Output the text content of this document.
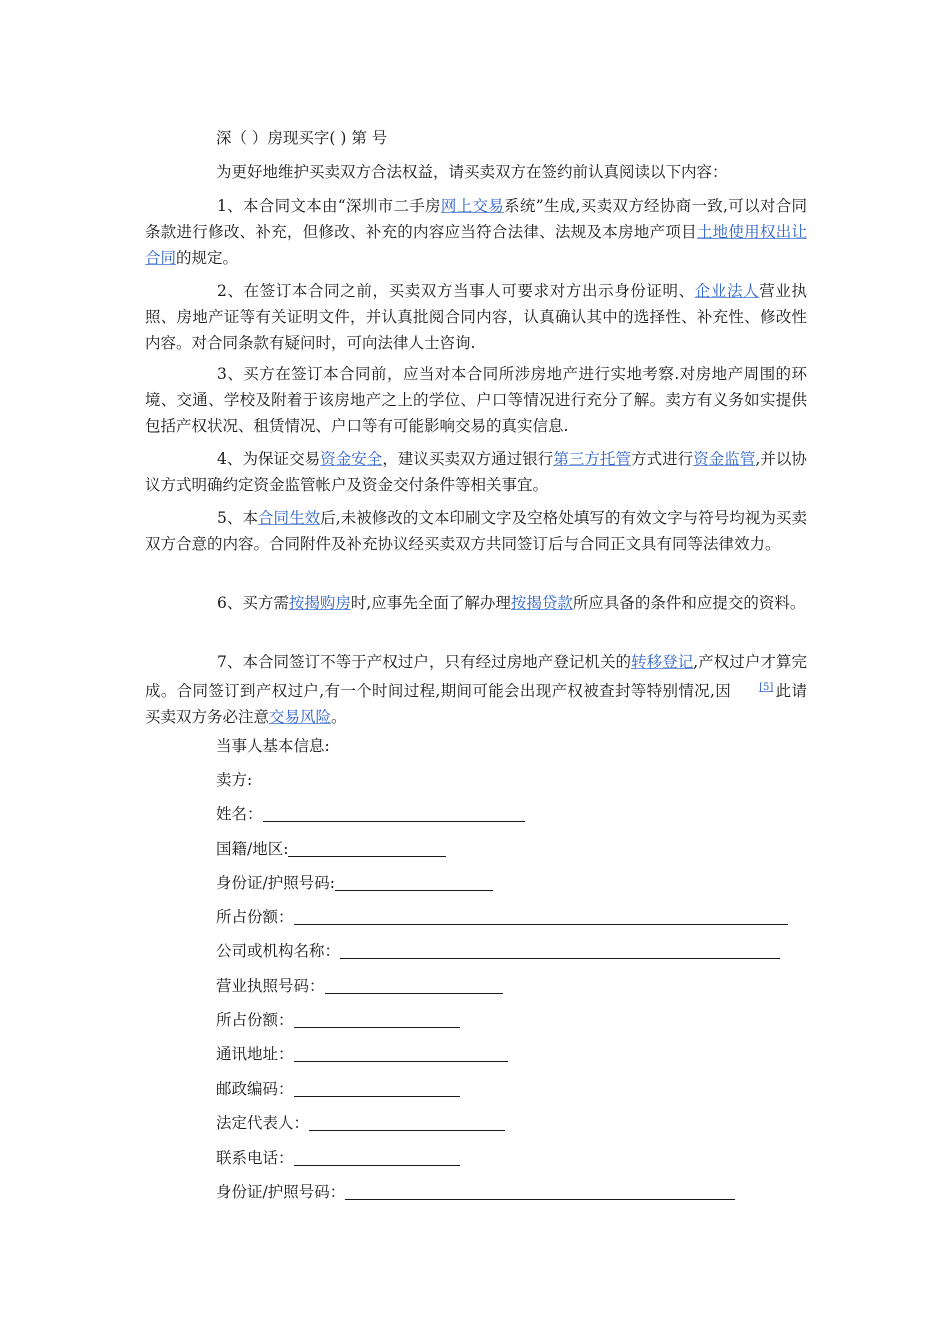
深（ ）房现买字( ) 第 号
为更好地维护买卖双方合法权益，请买卖双方在签约前认真阅读以下内容：
1、本合同文本由“深圳市二手房网上交易系统”生成,买卖双方经协商一致,可以对合同条款进行修改、补充，但修改、补充的内容应当符合法律、法规及本房地产项目土地使用权出让合同的规定。
2、在签订本合同之前，买卖双方当事人可要求对方出示身份证明、企业法人营业执照、房地产证等有关证明文件，并认真批阅合同内容，认真确认其中的选择性、补充性、修改性内容。对合同条款有疑问时，可向法律人士咨询.
3、买方在签订本合同前，应当对本合同所涉房地产进行实地考察.对房地产周围的环境、交通、学校及附着于该房地产之上的学位、户口等情况进行充分了解。卖方有义务如实提供包括产权状况、租赁情况、户口等有可能影响交易的真实信息.
4、为保证交易资金安全，建议买卖双方通过银行第三方托管方式进行资金监管,并以协议方式明确约定资金监管帐户及资金交付条件等相关事宜。
5、本合同生效后,未被修改的文本印刷文字及空格处填写的有效文字与符号均视为买卖双方合意的内容。合同附件及补充协议经买卖双方共同签订后与合同正文具有同等法律效力。
6、买方需按揭购房时,应事先全面了解办理按揭贷款所应具备的条件和应提交的资料。
7、本合同签订不等于产权过户，只有经过房地产登记机关的转移登记,产权过户才算完成。合同签订到产权过户,有一个时间过程,期间可能会出现产权被查封等特别情况,因	[5] 此请买卖双方务必注意交易风险。
当事人基本信息:
卖方:
姓名：
国籍/地区:
身份证/护照号码:
所占份额：
公司或机构名称：
营业执照号码：
所占份额：
通讯地址：
邮政编码：
法定代表人：
联系电话：
身份证/护照号码：
